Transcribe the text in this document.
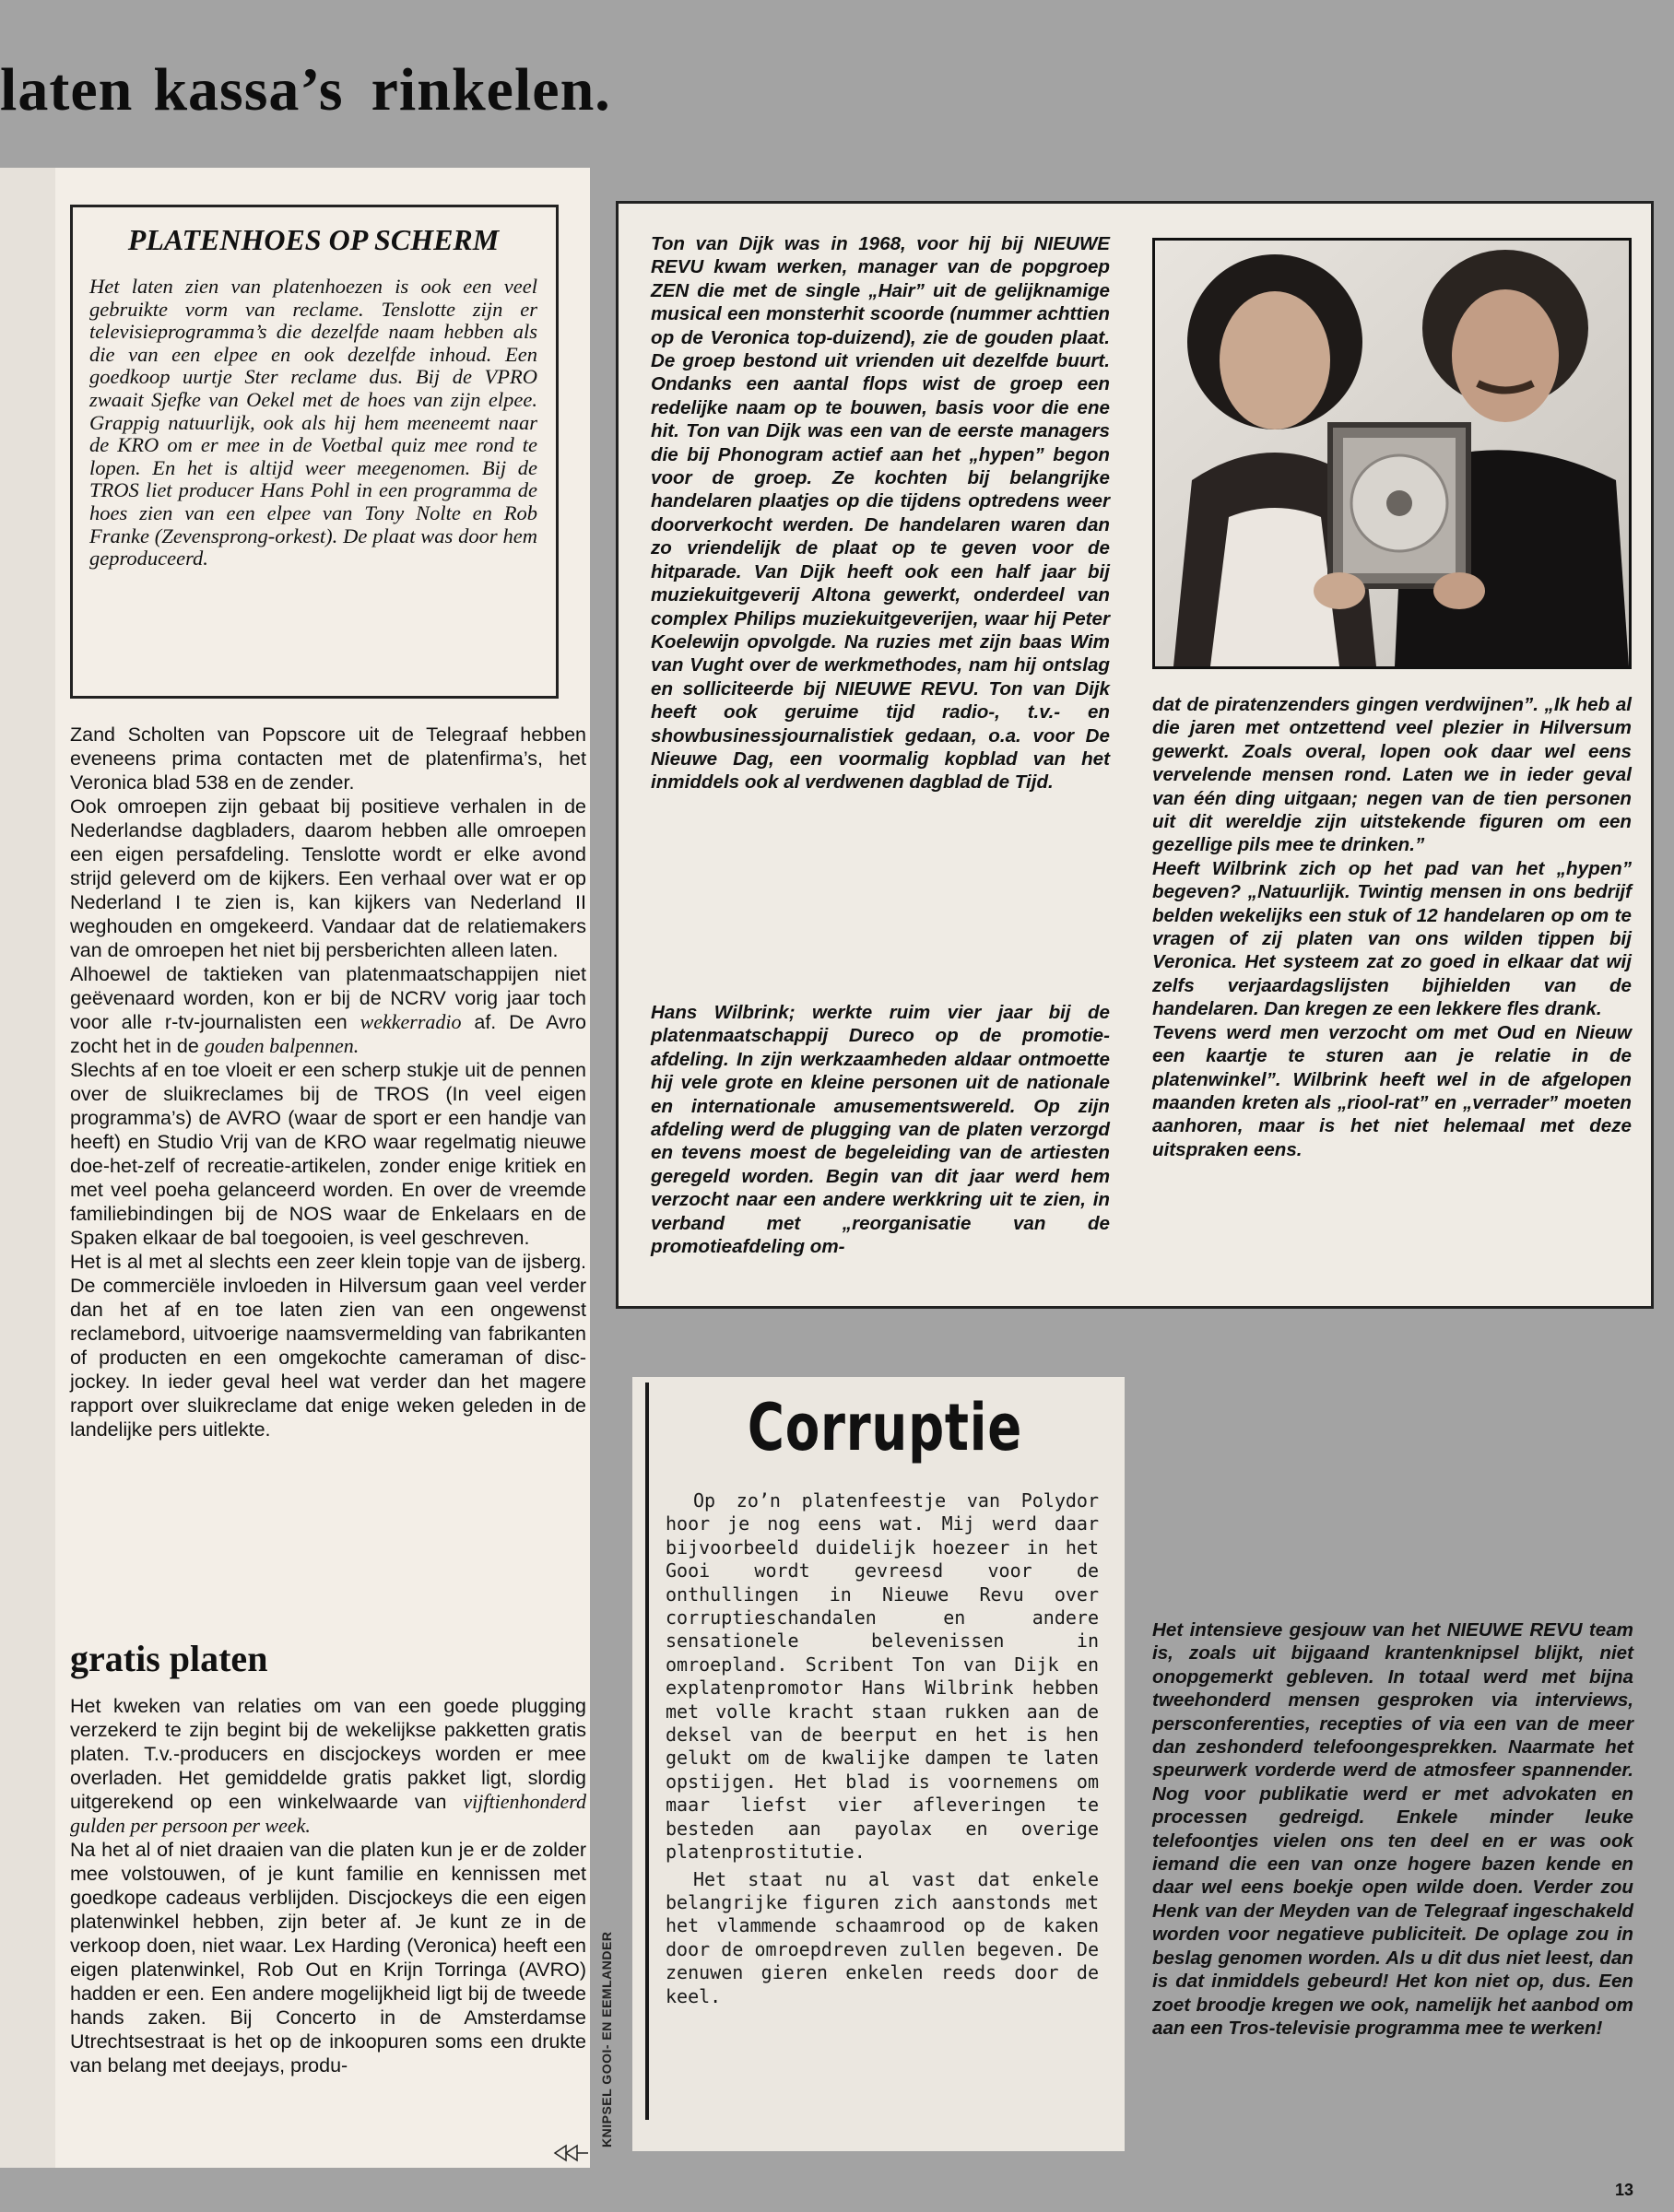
laten kassa’s rinkelen.
PLATENHOES OP SCHERM

Het laten zien van platenhoezen is ook een veel gebruikte vorm van reclame. Tenslotte zijn er televisieprogramma’s die dezelfde naam hebben als die van een elpee en ook dezelfde inhoud. Een goedkoop uurtje Ster reclame dus. Bij de VPRO zwaait Sjefke van Oekel met de hoes van zijn elpee. Grappig natuurlijk, ook als hij hem meeneemt naar de KRO om er mee in de Voetbal quiz mee rond te lopen. En het is altijd weer meegenomen. Bij de TROS liet producer Hans Pohl in een programma de hoes zien van een elpee van Tony Nolte en Rob Franke (Zevensprong-orkest). De plaat was door hem geproduceerd.

Zand Scholten van Popscore uit de Telegraaf hebben eveneens prima contacten met de platenfirma’s, het Veronica blad 538 en de zender.

Ook omroepen zijn gebaat bij positieve verhalen in de Nederlandse dagbladers, daarom hebben alle omroepen een eigen persafdeling. Tenslotte wordt er elke avond strijd geleverd om de kijkers. Een verhaal over wat er op Nederland I te zien is, kan kijkers van Nederland II weghouden en omgekeerd. Vandaar dat de relatiemakers van de omroepen het niet bij persberichten alleen laten.

Alhoewel de taktieken van platenmaatschappijen niet geëvenaard worden, kon er bij de NCRV vorig jaar toch voor alle r-tv-journalisten een wekkerradio af. De Avro zocht het in de gouden balpennen.

Slechts af en toe vloeit er een scherp stukje uit de pennen over de sluikreclames bij de TROS (In veel eigen programma’s) de AVRO (waar de sport er een handje van heeft) en Studio Vrij van de KRO waar regelmatig nieuwe doe-het-zelf of recreatie-artikelen, zonder enige kritiek en met veel poeha gelanceerd worden. En over de vreemde familiebindingen bij de NOS waar de Enkelaars en de Spaken elkaar de bal toegooien, is veel geschreven.

Het is al met al slechts een zeer klein topje van de ijsberg. De commerciële invloeden in Hilversum gaan veel verder dan het af en toe laten zien van een ongewenst reclamebord, uitvoerige naamsvermelding van fabrikanten of producten en een omgekochte cameraman of disc-jockey. In ieder geval heel wat verder dan het magere rapport over sluikreclame dat enige weken geleden in de landelijke pers uitlekte.

gratis platen

Het kweken van relaties om van een goede plugging verzekerd te zijn begint bij de wekelijkse pakketten gratis platen. T.v.-producers en discjockeys worden er mee overladen. Het gemiddelde gratis pakket ligt, slordig uitgerekend op een winkelwaarde van vijftienhonderd gulden per persoon per week.

Na het al of niet draaien van die platen kun je er de zolder mee volstouwen, of je kunt familie en kennissen met goedkope cadeaus verblijden. Discjockeys die een eigen platenwinkel hebben, zijn beter af. Je kunt ze in de verkoop doen, niet waar. Lex Harding (Veronica) heeft een eigen platenwinkel, Rob Out en Krijn Torringa (AVRO) hadden er een. Een andere mogelijkheid ligt bij de tweede hands zaken. Bij Concerto in de Amsterdamse Utrechtsestraat is het op de inkoopuren soms een drukte van belang met deejays, produ-

Ton van Dijk was in 1968, voor hij bij NIEUWE REVU kwam werken, manager van de popgroep ZEN die met de single „Hair” uit de gelijknamige musical een monsterhit scoorde (nummer achttien op de Veronica top-duizend), zie de gouden plaat. De groep bestond uit vrienden uit dezelfde buurt. Ondanks een aantal flops wist de groep een redelijke naam op te bouwen, basis voor die ene hit. Ton van Dijk was een van de eerste managers die bij Phonogram actief aan het „hypen” begon voor de groep. Ze kochten bij belangrijke handelaren plaatjes op die tijdens optredens weer doorverkocht werden. De handelaren waren dan zo vriendelijk de plaat op te geven voor de hitparade. Van Dijk heeft ook een half jaar bij muziekuitgeverij Altona gewerkt, onderdeel van complex Philips muziekuitgeverijen, waar hij Peter Koelewijn opvolgde. Na ruzies met zijn baas Wim van Vught over de werkmethodes, nam hij ontslag en solliciteerde bij NIEUWE REVU. Ton van Dijk heeft ook geruime tijd radio-, t.v.- en showbusinessjournalistiek gedaan, o.a. voor De Nieuwe Dag, een voormalig kopblad van het inmiddels ook al verdwenen dagblad de Tijd.

Hans Wilbrink; werkte ruim vier jaar bij de platenmaatschappij Dureco op de promotie-afdeling. In zijn werkzaamheden aldaar ontmoette hij vele grote en kleine personen uit de nationale en internationale amusementswereld. Op zijn afdeling werd de plugging van de platen verzorgd en tevens moest de begeleiding van de artiesten geregeld worden. Begin van dit jaar werd hem verzocht naar een andere werkkring uit te zien, in verband met „reorganisatie van de promotieafdeling om-

dat de piratenzenders gingen verdwijnen”. „Ik heb al die jaren met ontzettend veel plezier in Hilversum gewerkt. Zoals overal, lopen ook daar wel eens vervelende mensen rond. Laten we in ieder geval van één ding uitgaan; negen van de tien personen uit dit wereldje zijn uitstekende figuren om een gezellige pils mee te drinken.”

Heeft Wilbrink zich op het pad van het „hypen” begeven? „Natuurlijk. Twintig mensen in ons bedrijf belden wekelijks een stuk of 12 handelaren op om te vragen of zij platen van ons wilden tippen bij Veronica. Het systeem zat zo goed in elkaar dat wij zelfs verjaardagslijsten bijhielden van de handelaren. Dan kregen ze een lekkere fles drank.

Tevens werd men verzocht om met Oud en Nieuw een kaartje te sturen aan je relatie in de platenwinkel”. Wilbrink heeft wel in de afgelopen maanden kreten als „riool-rat” en „verrader” moeten aanhoren, maar is het niet helemaal met deze uitspraken eens.

Corruptie

Op zo’n platenfeestje van Polydor hoor je nog eens wat. Mij werd daar bijvoorbeeld duidelijk hoezeer in het Gooi wordt gevreesd voor de onthullingen in Nieuwe Revu over corruptieschandalen en andere sensationele belevenissen in omroepland. Scribent Ton van Dijk en explatenpromotor Hans Wilbrink hebben met volle kracht staan rukken aan de deksel van de beerput en het is hen gelukt om de kwalijke dampen te laten opstijgen. Het blad is voornemens om maar liefst vier afleveringen te besteden aan payolax en overige platenprostitutie.

Het staat nu al vast dat enkele belangrijke figuren zich aanstonds met het vlammende schaamrood op de kaken door de omroepdreven zullen begeven. De zenuwen gieren enkelen reeds door de keel.

KNIPSEL GOOI- EN EEMLANDER

Het intensieve gesjouw van het NIEUWE REVU team is, zoals uit bijgaand krantenknipsel blijkt, niet onopgemerkt gebleven. In totaal werd met bijna tweehonderd mensen gesproken via interviews, persconferenties, recepties of via een van de meer dan zeshonderd telefoongesprekken. Naarmate het speurwerk vorderde werd de atmosfeer spannender. Nog voor publikatie werd er met advokaten en processen gedreigd. Enkele minder leuke telefoontjes vielen ons ten deel en er was ook iemand die een van onze hogere bazen kende en daar wel eens boekje open wilde doen. Verder zou Henk van der Meyden van de Telegraaf ingeschakeld worden voor negatieve publiciteit. De oplage zou in beslag genomen worden. Als u dit dus niet leest, dan is dat inmiddels gebeurd! Het kon niet op, dus. Een zoet broodje kregen we ook, namelijk het aanbod om aan een Tros-televisie programma mee te werken!

13
